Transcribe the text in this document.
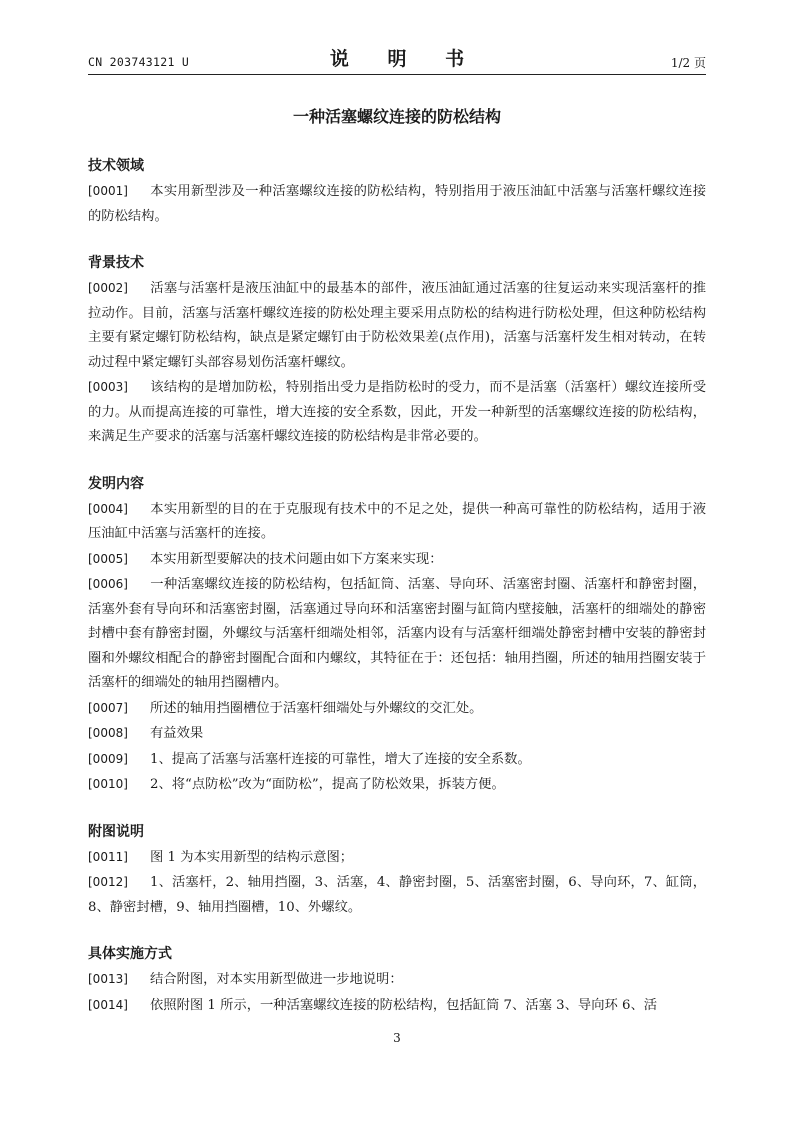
CN 203743121 U	说 明 书	1/2 页
一种活塞螺纹连接的防松结构
技术领域
[0001] 本实用新型涉及一种活塞螺纹连接的防松结构，特别指用于液压油缸中活塞与活塞杆螺纹连接的防松结构。
背景技术
[0002] 活塞与活塞杆是液压油缸中的最基本的部件，液压油缸通过活塞的往复运动来实现活塞杆的推拉动作。目前，活塞与活塞杆螺纹连接的防松处理主要采用点防松的结构进行防松处理，但这种防松结构主要有紧定螺钉防松结构，缺点是紧定螺钉由于防松效果差(点作用)，活塞与活塞杆发生相对转动，在转动过程中紧定螺钉头部容易划伤活塞杆螺纹。
[0003] 该结构的是增加防松，特别指出受力是指防松时的受力，而不是活塞（活塞杆）螺纹连接所受的力。从而提高连接的可靠性，增大连接的安全系数，因此，开发一种新型的活塞螺纹连接的防松结构，来满足生产要求的活塞与活塞杆螺纹连接的防松结构是非常必要的。
发明内容
[0004] 本实用新型的目的在于克服现有技术中的不足之处，提供一种高可靠性的防松结构，适用于液压油缸中活塞与活塞杆的连接。
[0005] 本实用新型要解决的技术问题由如下方案来实现：
[0006] 一种活塞螺纹连接的防松结构，包括缸筒、活塞、导向环、活塞密封圈、活塞杆和静密封圈，活塞外套有导向环和活塞密封圈，活塞通过导向环和活塞密封圈与缸筒内壁接触，活塞杆的细端处的静密封槽中套有静密封圈，外螺纹与活塞杆细端处相邻，活塞内设有与活塞杆细端处静密封槽中安装的静密封圈和外螺纹相配合的静密封圈配合面和内螺纹，其特征在于：还包括：轴用挡圈，所述的轴用挡圈安装于活塞杆的细端处的轴用挡圈槽内。
[0007] 所述的轴用挡圈槽位于活塞杆细端处与外螺纹的交汇处。
[0008] 有益效果
[0009] 1、提高了活塞与活塞杆连接的可靠性，增大了连接的安全系数。
[0010] 2、将“点防松”改为“面防松”，提高了防松效果，拆装方便。
附图说明
[0011] 图 1 为本实用新型的结构示意图；
[0012] 1、活塞杆，2、轴用挡圈，3、活塞，4、静密封圈，5、活塞密封圈，6、导向环，7、缸筒，8、静密封槽，9、轴用挡圈槽，10、外螺纹。
具体实施方式
[0013] 结合附图，对本实用新型做进一步地说明：
[0014] 依照附图 1 所示，一种活塞螺纹连接的防松结构，包括缸筒 7、活塞 3、导向环 6、活
3
